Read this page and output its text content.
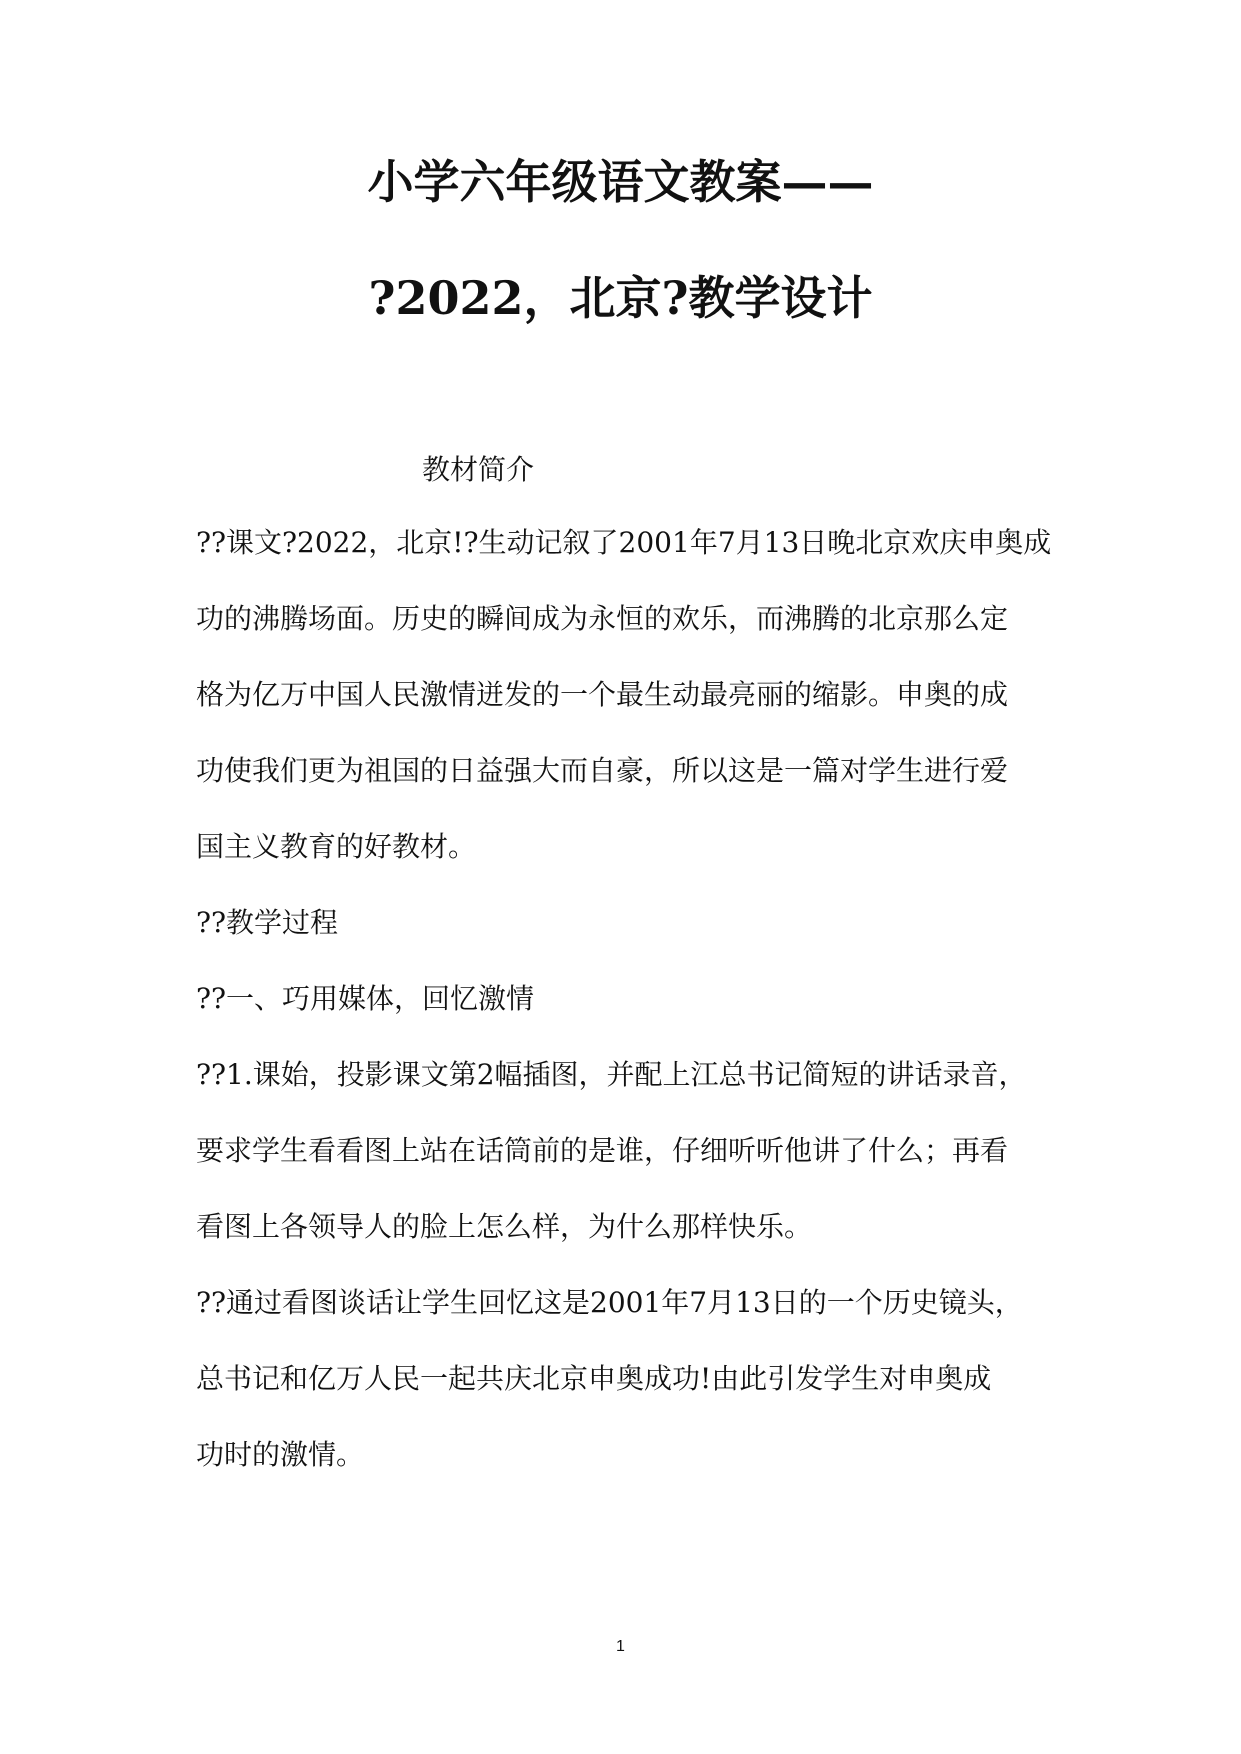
小学六年级语文教案——
?2022，北京?教学设计
教材简介
??课文?2022，北京!?生动记叙了2001年7月13日晚北京欢庆申奥成
功的沸腾场面。历史的瞬间成为永恒的欢乐，而沸腾的北京那么定
格为亿万中国人民激情迸发的一个最生动最亮丽的缩影。申奥的成
功使我们更为祖国的日益强大而自豪，所以这是一篇对学生进行爱
国主义教育的好教材。
??教学过程
??一、巧用媒体，回忆激情
??1.课始，投影课文第2幅插图，并配上江总书记简短的讲话录音，
要求学生看看图上站在话筒前的是谁，仔细听听他讲了什么；再看
看图上各领导人的脸上怎么样，为什么那样快乐。
??通过看图谈话让学生回忆这是2001年7月13日的一个历史镜头，
总书记和亿万人民一起共庆北京申奥成功!由此引发学生对申奥成
功时的激情。
1
